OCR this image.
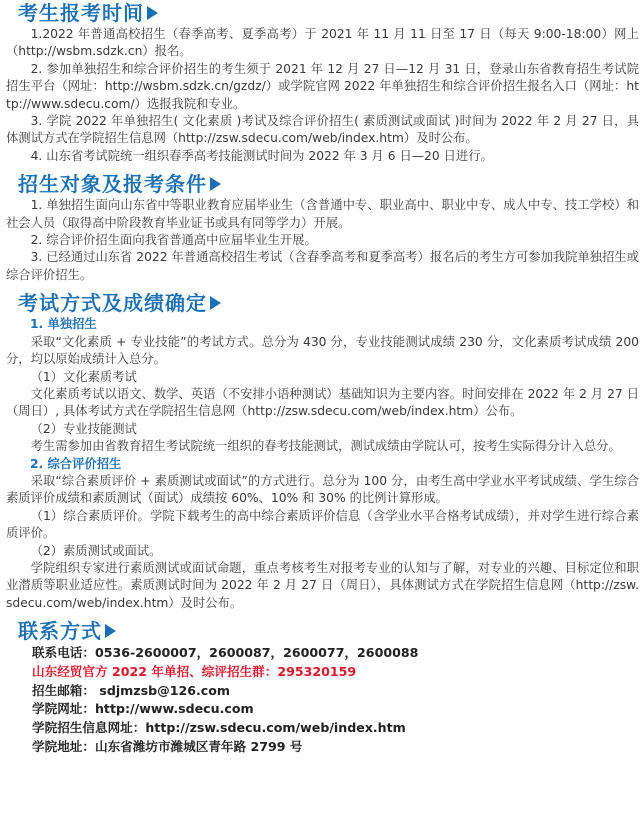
考生报考时间

1.2022 年普通高校招生（春季高考、夏季高考）于 2021 年 11 月 11 日至 17 日（每天 9:00-18:00）网上（http://wsbm.sdzk.cn）报名。

2. 参加单独招生和综合评价招生的考生须于 2021 年 12 月 27 日—12 月 31 日，登录山东省教育招生考试院招生平台（网址：http://wsbm.sdzk.cn/gzdz/）或学院官网 2022 年单独招生和综合评价招生报名入口（网址：http://www.sdecu.com/）选报我院和专业。

3. 学院 2022 年单独招生( 文化素质 )考试及综合评价招生( 素质测试或面试 )时间为 2022 年 2 月 27 日，具体测试方式在学院招生信息网（http://zsw.sdecu.com/web/index.htm）及时公布。

4. 山东省考试院统一组织春季高考技能测试时间为 2022 年 3 月 6 日—20 日进行。

招生对象及报考条件

1. 单独招生面向山东省中等职业教育应届毕业生（含普通中专、职业高中、职业中专、成人中专、技工学校）和社会人员（取得高中阶段教育毕业证书或具有同等学力）开展。

2. 综合评价招生面向我省普通高中应届毕业生开展。

3. 已经通过山东省 2022 年普通高校招生考试（含春季高考和夏季高考）报名后的考生方可参加我院单独招生或综合评价招生。

考试方式及成绩确定

1. 单独招生

采取“文化素质 + 专业技能”的考试方式。总分为 430 分，专业技能测试成绩 230 分，文化素质考试成绩 200 分，均以原始成绩计入总分。

（1）文化素质考试

文化素质考试以语文、数学、英语（不安排小语种测试）基础知识为主要内容。时间安排在 2022 年 2 月 27 日（周日）, 具体考试方式在学院招生信息网（http://zsw.sdecu.com/web/index.htm）公布。

（2）专业技能测试

考生需参加由省教育招生考试院统一组织的春考技能测试，测试成绩由学院认可，按考生实际得分计入总分。

2. 综合评价招生

采取“综合素质评价 + 素质测试或面试”的方式进行。总分为 100 分，由考生高中学业水平考试成绩、学生综合素质评价成绩和素质测试（面试）成绩按 60%、10% 和 30% 的比例计算形成。

（1）综合素质评价。学院下载考生的高中综合素质评价信息（含学业水平合格考试成绩），并对学生进行综合素质评价。

（2）素质测试或面试。

学院组织专家进行素质测试或面试命题，重点考核考生对报考专业的认知与了解，对专业的兴趣、目标定位和职业潜质等职业适应性。素质测试时间为 2022 年 2 月 27 日（周日），具体测试方式在学院招生信息网（http://zsw.sdecu.com/web/index.htm）及时公布。

联系方式

联系电话：0536-2600007，2600087，2600077，2600088

山东经贸官方 2022 年单招、综评招生群：295320159

招生邮箱： sdjmzsb@126.com

学院网址：http://www.sdecu.com

学院招生信息网址：http://zsw.sdecu.com/web/index.htm

学院地址：山东省潍坊市潍城区青年路 2799 号
